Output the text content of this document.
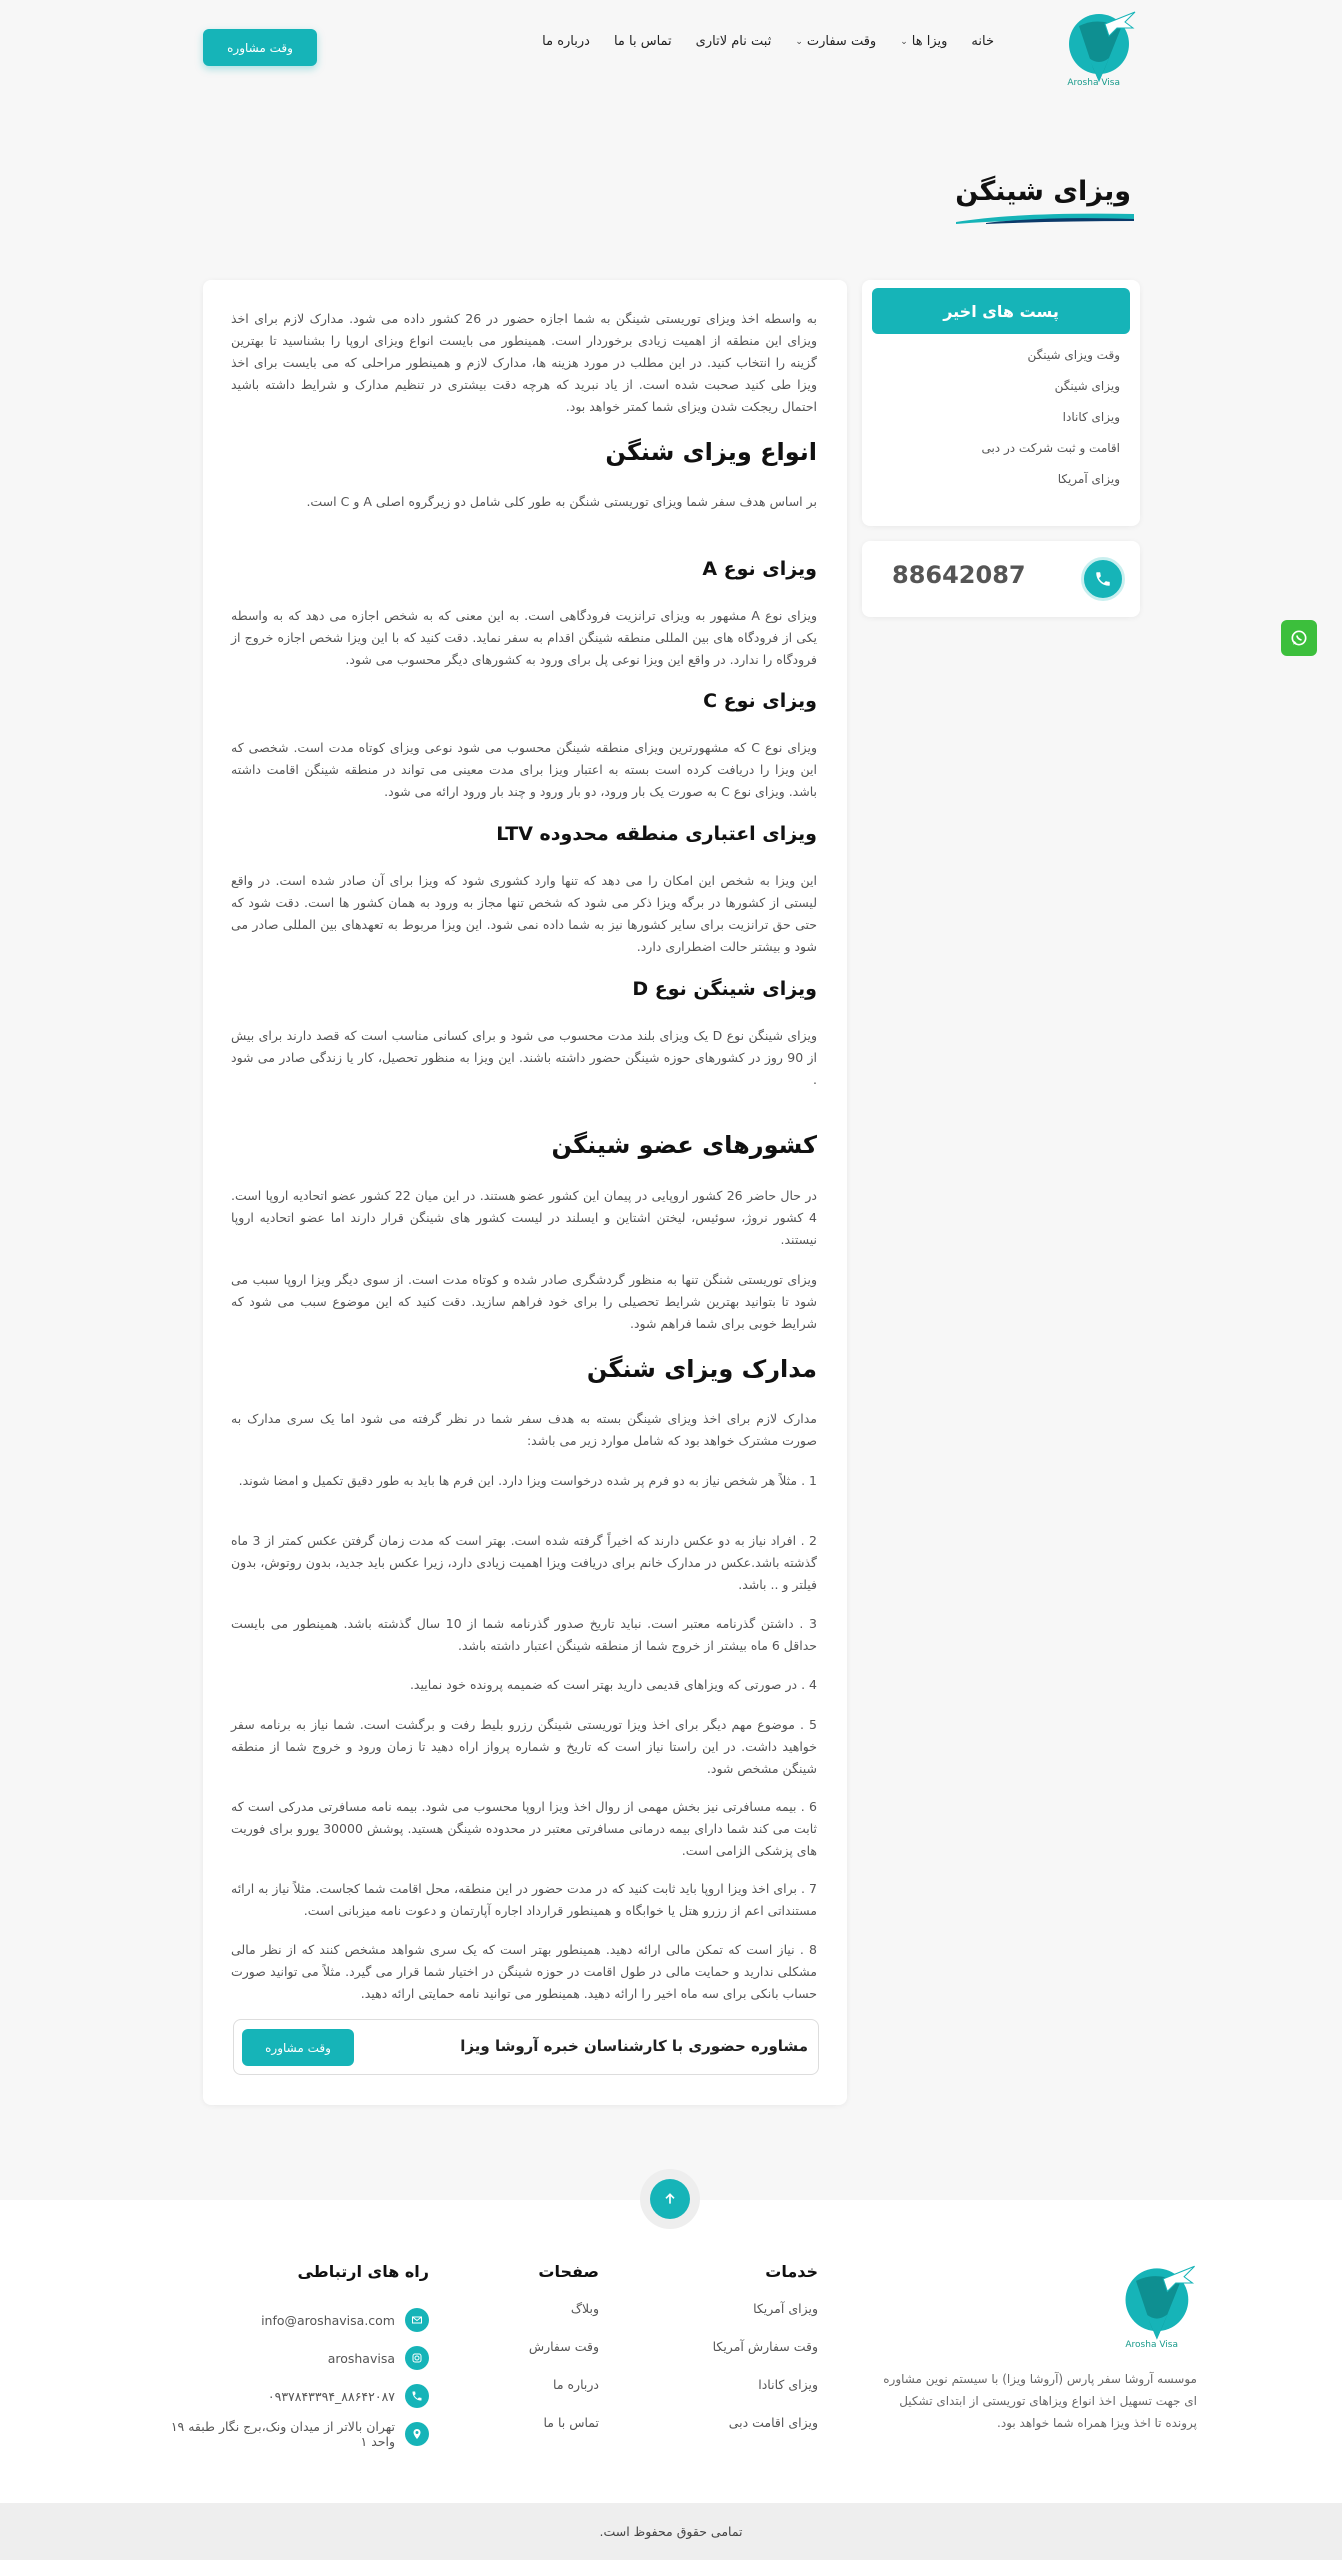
Arosha Visa
خانه
ویزا ها
⌄
وقت سفارت
⌄
ثبت نام لاتاری
تماس با ما
درباره ما
وقت مشاوره
ویزای شینگن

به واسطه اخذ ویزای توریستی شینگن به شما اجازه حضور در 26 کشور داده می شود. مدارک لازم برای اخذ ویزای این منطقه از اهمیت زیادی برخوردار است. همینطور می بایست انواع ویزای اروپا را بشناسید تا بهترین گزینه را انتخاب کنید. در این مطلب در مورد هزینه ها، مدارک لازم و همینطور مراحلی که می بایست برای اخذ ویزا طی کنید صحبت شده است. از یاد نبرید که هرچه دقت بیشتری در تنظیم مدارک و شرایط داشته باشید احتمال ریجکت شدن ویزای شما کمتر خواهد بود.

انواع ویزای شنگن

بر اساس هدف سفر شما ویزای توریستی شنگن به طور کلی شامل دو زیرگروه اصلی A و C است.

ویزای نوع A

ویزای نوع A مشهور به ویزای ترانزیت فرودگاهی است. به این معنی که به شخص اجازه می دهد که به واسطه یکی از فرودگاه های بین المللی منطقه شینگن اقدام به سفر نماید. دقت کنید که با این ویزا شخص اجازه خروج از فرودگاه را ندارد. در واقع این ویزا نوعی پل برای ورود به کشورهای دیگر محسوب می شود.

ویزای نوع C

ویزای نوع C که مشهورترین ویزای منطقه شینگن محسوب می شود نوعی ویزای کوتاه مدت است. شخصی که این ویزا را دریافت کرده است بسته به اعتبار ویزا برای مدت معینی می تواند در منطقه شینگن اقامت داشته باشد. ویزای نوع C به صورت یک بار ورود، دو بار ورود و چند بار ورود ارائه می شود.

ویزای اعتباری منطقه محدوده LTV

این ویزا به شخص این امکان را می دهد که تنها وارد کشوری شود که ویزا برای آن صادر شده است. در واقع لیستی از کشورها در برگه ویزا ذکر می شود که شخص تنها مجاز به ورود به همان کشور ها است. دقت شود که حتی حق ترانزیت برای سایر کشورها نیز به شما داده نمی شود. این ویزا مربوط به تعهدهای بین المللی صادر می شود و بیشتر حالت اضطراری دارد.

ویزای شینگن نوع D

ویزای شینگن نوع D یک ویزای بلند مدت محسوب می شود و برای کسانی مناسب است که قصد دارند برای بیش از 90 روز در کشورهای حوزه شینگن حضور داشته باشند. این ویزا به منظور تحصیل، کار یا زندگی صادر می شود .

کشورهای عضو شینگن

در حال حاضر 26 کشور اروپایی در پیمان این کشور عضو هستند. در این میان 22 کشور عضو اتحادیه اروپا است. 4 کشور نروژ، سوئیس، لیختن اشتاین و ایسلند در لیست کشور های شینگن قرار دارند اما عضو اتحادیه اروپا نیستند.

ویزای توریستی شنگن تنها به منظور گردشگری صادر شده و کوتاه مدت است. از سوی دیگر ویزا اروپا سبب می شود تا بتوانید بهترین شرایط تحصیلی را برای خود فراهم سازید. دقت کنید که این موضوع سبب می شود که شرایط خوبی برای شما فراهم شود.

مدارک ویزای شنگن

مدارک لازم برای اخذ ویزای شینگن بسته به هدف سفر شما در نظر گرفته می شود اما یک سری مدارک به صورت مشترک خواهد بود که شامل موارد زیر می باشد:

1 . مثلاً هر شخص نیاز به دو فرم پر شده درخواست ویزا دارد. این فرم ها باید به طور دقیق تکمیل و امضا شوند.

2 . افراد نیاز به دو عکس دارند که اخیراً گرفته شده است. بهتر است که مدت زمان گرفتن عکس کمتر از 3 ماه گذشته باشد.عکس در مدارک خانم برای دریافت ویزا اهمیت زیادی دارد، زیرا عکس باید جدید، بدون روتوش، بدون فیلتر و .. باشد.

3 . داشتن گذرنامه معتبر است. نباید تاریخ صدور گذرنامه شما از 10 سال گذشته باشد. همینطور می بایست حداقل 6 ماه بیشتر از خروج شما از منطقه شینگن اعتبار داشته باشد.

4 . در صورتی که ویزاهای قدیمی دارید بهتر است که ضمیمه پرونده خود نمایید.

5 . موضوع مهم دیگر برای اخذ ویزا توریستی شینگن رزرو بلیط رفت و برگشت است. شما نیاز به برنامه سفر خواهید داشت. در این راستا نیاز است که تاریخ و شماره پرواز اراه دهید تا زمان ورود و خروج شما از منطقه شینگن مشخص شود.

6 . بیمه مسافرتی نیز بخش مهمی از روال اخذ ویزا اروپا محسوب می شود. بیمه نامه مسافرتی مدرکی است که ثابت می کند شما دارای بیمه درمانی مسافرتی معتبر در محدوده شینگن هستید. پوشش 30000 یورو برای فوریت های پزشکی الزامی است.

7 . برای اخذ ویزا اروپا باید ثابت کنید که در مدت حضور در این منطقه، محل اقامت شما کجاست. مثلاً نیاز به ارائه مستنداتی اعم از رزرو هتل یا خوابگاه و همینطور قرارداد اجاره آپارتمان و دعوت نامه میزبانی است.

8 . نیاز است که تمکن مالی ارائه دهید. همینطور بهتر است که یک سری شواهد مشخص کنند که از نظر مالی مشکلی ندارید و حمایت مالی در طول اقامت در حوزه شینگن در اختیار شما قرار می گیرد. مثلاً می توانید صورت حساب بانکی برای سه ماه اخیر را ارائه دهید. همینطور می توانید نامه حمایتی ارائه دهید.

مشاوره حضوری با کارشناسان خبره آروشا ویزا
وقت مشاوره
پست های اخیر
وقت ویزای شینگن
ویزای شینگن
ویزای کانادا
اقامت و ثبت شرکت در دبی
ویزای آمریکا
88642087
Arosha Visa

موسسه آروشا سفر پارس (آروشا ویزا) با سیستم نوین مشاوره ای جهت تسهیل اخذ انواع ویزاهای توریستی از ابتدای تشکیل پرونده تا اخذ ویزا همراه شما خواهد بود.

خدمات
ویزای آمریکا
وقت سفارش آمریکا
ویزای کانادا
ویزای اقامت دبی
صفحات
وبلاگ
وقت سفارش
درباره ما
تماس با ما
راه های ارتباطی
info@aroshavisa.com
aroshavisa
۸۸۶۴۲۰۸۷_۰۹۳۷۸۴۳۳۹۴
تهران بالاتر از میدان ونک،برج نگار طبقه ۱۹ واحد ۱
تمامی حقوق محفوظ است.
